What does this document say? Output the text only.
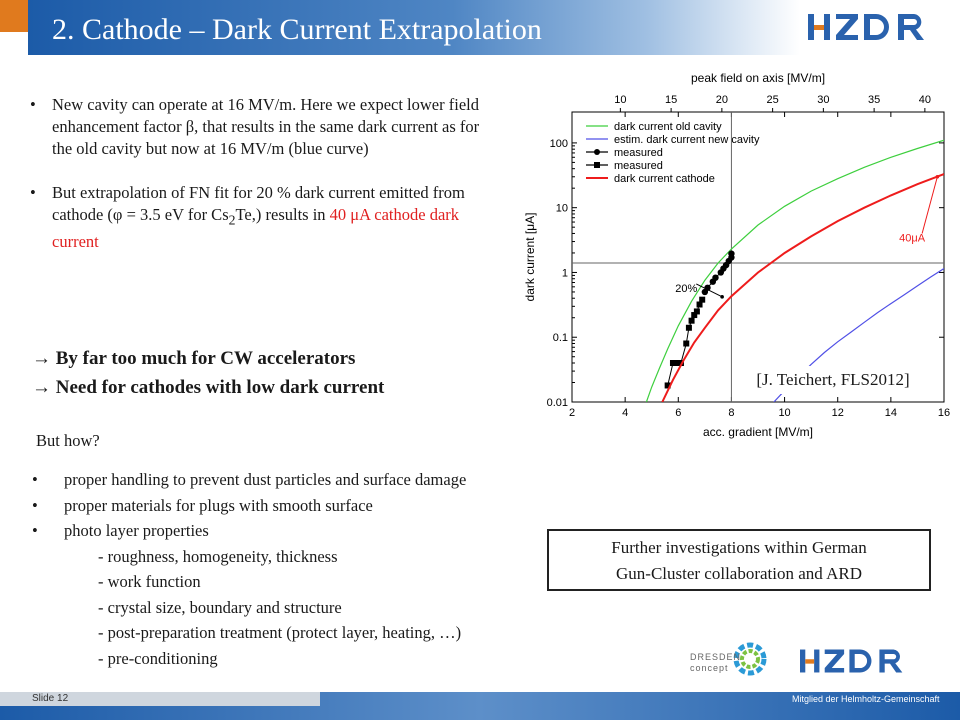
2. Cathode – Dark Current Extrapolation
HZDR
• New cavity can operate at 16 MV/m. Here we expect lower field enhancement factor β, that results in the same dark current as for the old cavity but now at 16 MV/m (blue curve)
• But extrapolation of FN fit for 20 % dark current emitted from cathode (φ = 3.5 eV for $Cs_2Te$,) results in 40 μA cathode dark current
→ By far too much for CW accelerators
→ Need for cathodes with low dark current
But how?
• proper handling to prevent dust particles and surface damage
• proper materials for plugs with smooth surface
• photo layer properties
- roughness, homogeneity, thickness
- work function
- crystal size, boundary and structure
- post-preparation treatment (protect layer, heating, …)
- pre-conditioning
Further investigations within German
Gun-Cluster collaboration and ARD
2	4	6	8	10	12	14	16
10	15	20	25	30	35	40
0.01
0.1
1
10
100
acc. gradient [MV/m]
peak field on axis [MV/m]
dark current [μA]	20%
40μA
dark current old cavity
estim. dark current new cavity
measured
measured
dark current cathode
[J. Teichert, FLS2012]
DRESDEN concept
Slide 12	Mitglied der Helmholtz-Gemeinschaft
